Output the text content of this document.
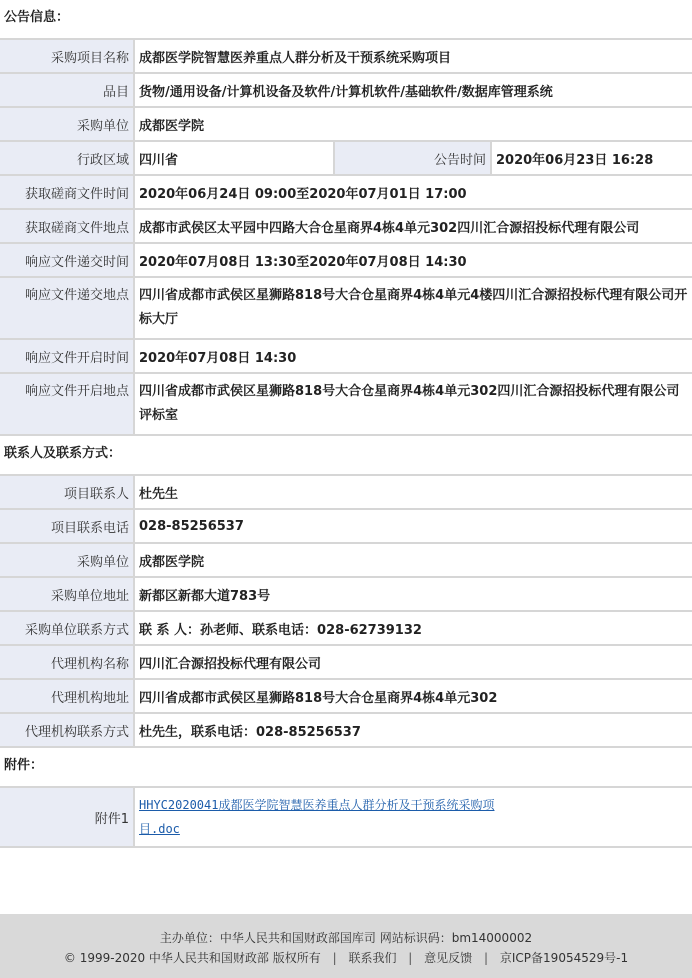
公告信息：
采购项目名称	成都医学院智慧医养重点人群分析及干预系统采购项目		
品目	货物/通用设备/计算机设备及软件/计算机软件/基础软件/数据库管理系统		
采购单位	成都医学院		
行政区域	四川省	公告时间	2020年06月23日 16:28
获取磋商文件时间	2020年06月24日 09:00至2020年07月01日 17:00		
获取磋商文件地点	成都市武侯区太平园中四路大合仓星商界4栋4单元302四川汇合源招投标代理有限公司		
响应文件递交时间	2020年07月08日 13:30至2020年07月08日 14:30		
响应文件递交地点	四川省成都市武侯区星狮路818号大合仓星商界4栋4单元4楼四川汇合源招投标代理有限公司开标大厅		
响应文件开启时间	2020年07月08日 14:30		
响应文件开启地点	四川省成都市武侯区星狮路818号大合仓星商界4栋4单元302四川汇合源招投标代理有限公司评标室		
联系人及联系方式：
项目联系人	杜先生
项目联系电话	028-85256537
采购单位	成都医学院
采购单位地址	新都区新都大道783号
采购单位联系方式	联 系 人：孙老师、联系电话：028-62739132
代理机构名称	四川汇合源招投标代理有限公司
代理机构地址	四川省成都市武侯区星狮路818号大合仓星商界4栋4单元302
代理机构联系方式	杜先生，联系电话：028-85256537
附件：
附件1	HHYC2020041成都医学院智慧医养重点人群分析及干预系统采购项
目.doc
主办单位：中华人民共和国财政部国库司 网站标识码：bm14000002
© 1999-2020 中华人民共和国财政部 版权所有 | 联系我们 | 意见反馈 | 京ICP备19054529号-1
